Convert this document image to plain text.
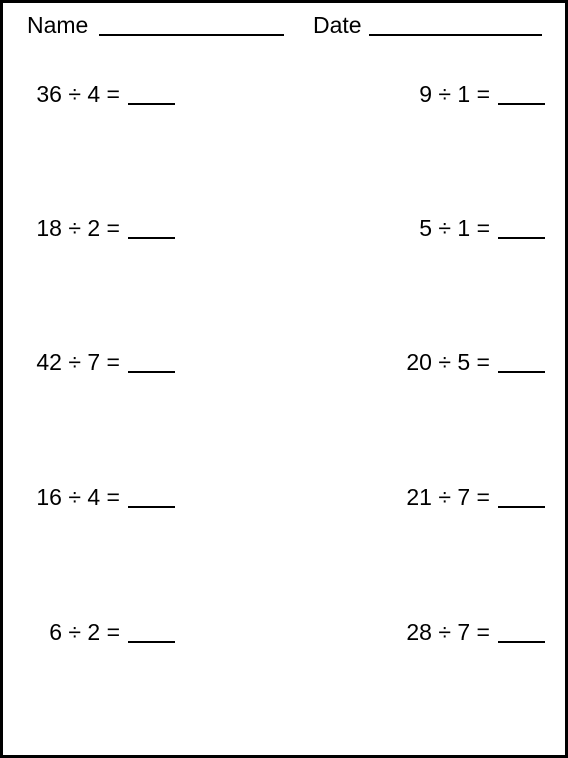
Name	Date
36 ÷ 4 =
18 ÷ 2 =
42 ÷ 7 =
16 ÷ 4 =
6 ÷ 2 =
9 ÷ 1 =
5 ÷ 1 =
20 ÷ 5 =
21 ÷ 7 =
28 ÷ 7 =
